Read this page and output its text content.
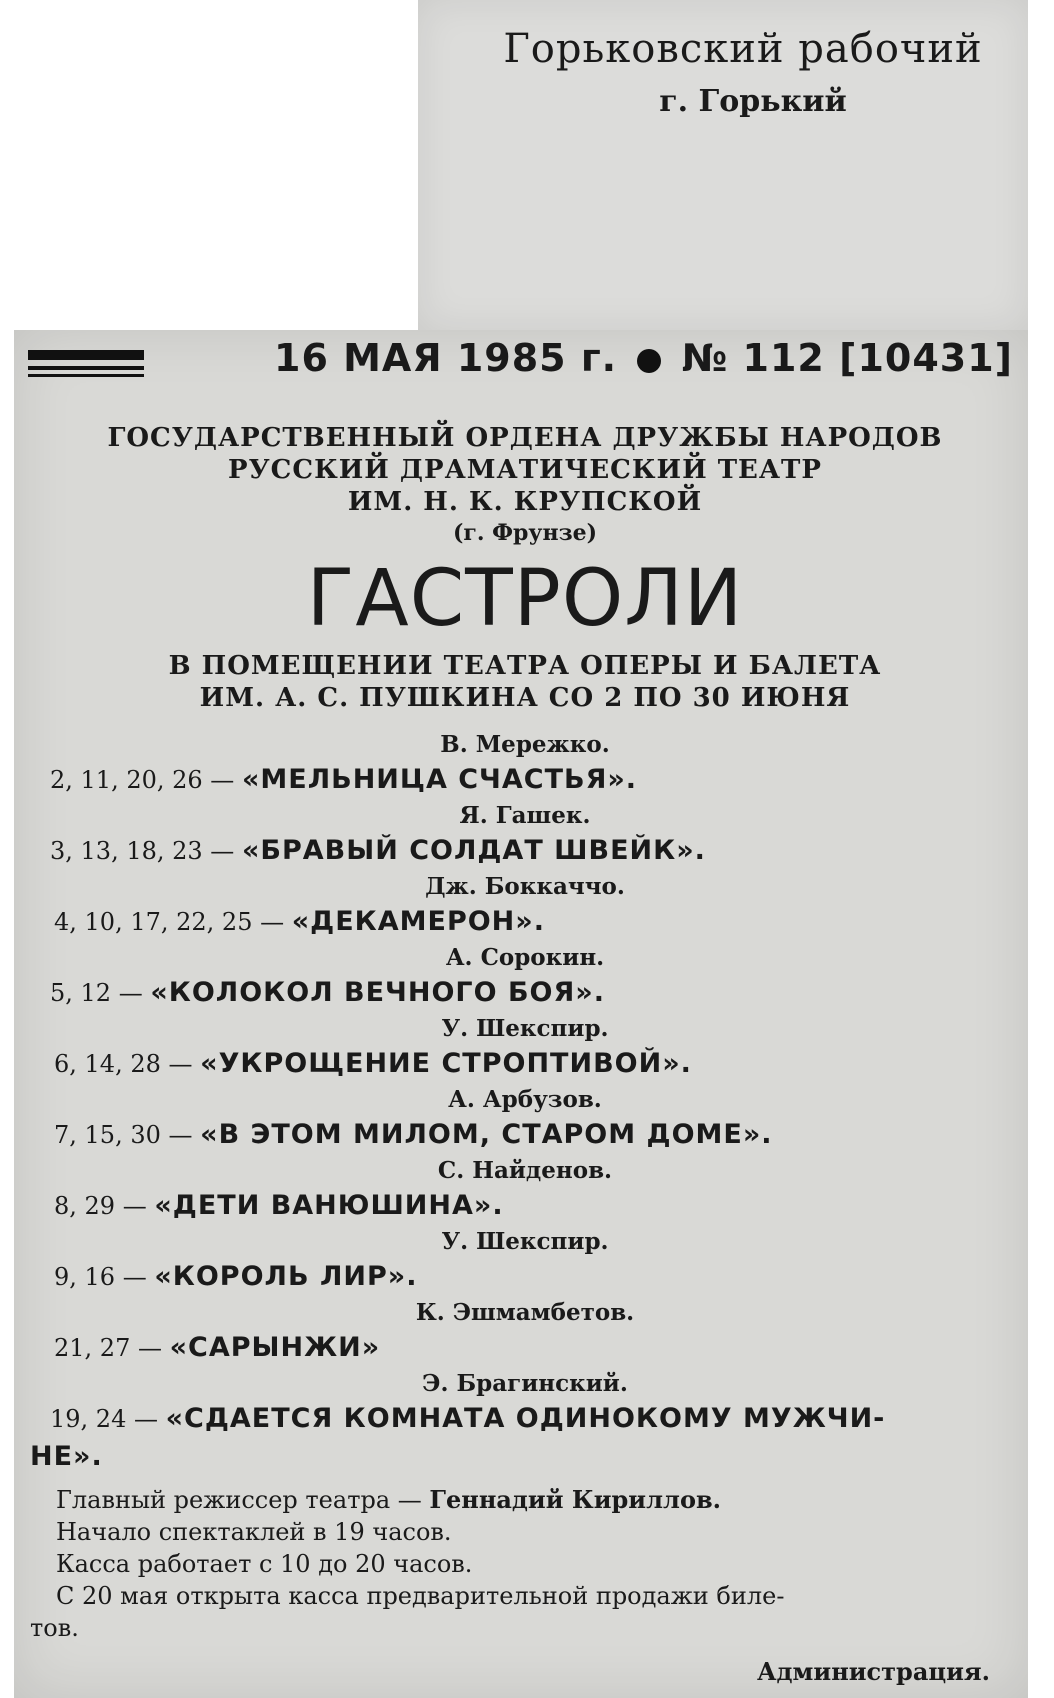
Горьковский рабочий
г. Горький
16 МАЯ 1985 г. № 112 [10431]
ГОСУДАРСТВЕННЫЙ ОРДЕНА ДРУЖБЫ НАРОДОВ
РУССКИЙ ДРАМАТИЧЕСКИЙ ТЕАТР
ИМ. Н. К. КРУПСКОЙ
(г. Фрунзе)
ГАСТРОЛИ
В ПОМЕЩЕНИИ ТЕАТРА ОПЕРЫ И БАЛЕТА
ИМ. А. С. ПУШКИНА СО 2 ПО 30 ИЮНЯ
В. Мережко.
2, 11, 20, 26 — «МЕЛЬНИЦА СЧАСТЬЯ».
Я. Гашек.
3, 13, 18, 23 — «БРАВЫЙ СОЛДАТ ШВЕЙК».
Дж. Боккаччо.
4, 10, 17, 22, 25 — «ДЕКАМЕРОН».
А. Сорокин.
5, 12 — «КОЛОКОЛ ВЕЧНОГО БОЯ».
У. Шекспир.
6, 14, 28 — «УКРОЩЕНИЕ СТРОПТИВОЙ».
А. Арбузов.
7, 15, 30 — «В ЭТОМ МИЛОМ, СТАРОМ ДОМЕ».
С. Найденов.
8, 29 — «ДЕТИ ВАНЮШИНА».
У. Шекспир.
9, 16 — «КОРОЛЬ ЛИР».
К. Эшмамбетов.
21, 27 — «САРЫНЖИ»
Э. Брагинский.
19, 24 — «СДАЕТСЯ КОМНАТА ОДИНОКОМУ МУЖЧИ-
НЕ».

Главный режиссер театра — Геннадий Кириллов.

Начало спектаклей в 19 часов.

Касса работает с 10 до 20 часов.

С 20 мая открыта касса предварительной продажи биле-

тов.

Администрация.
